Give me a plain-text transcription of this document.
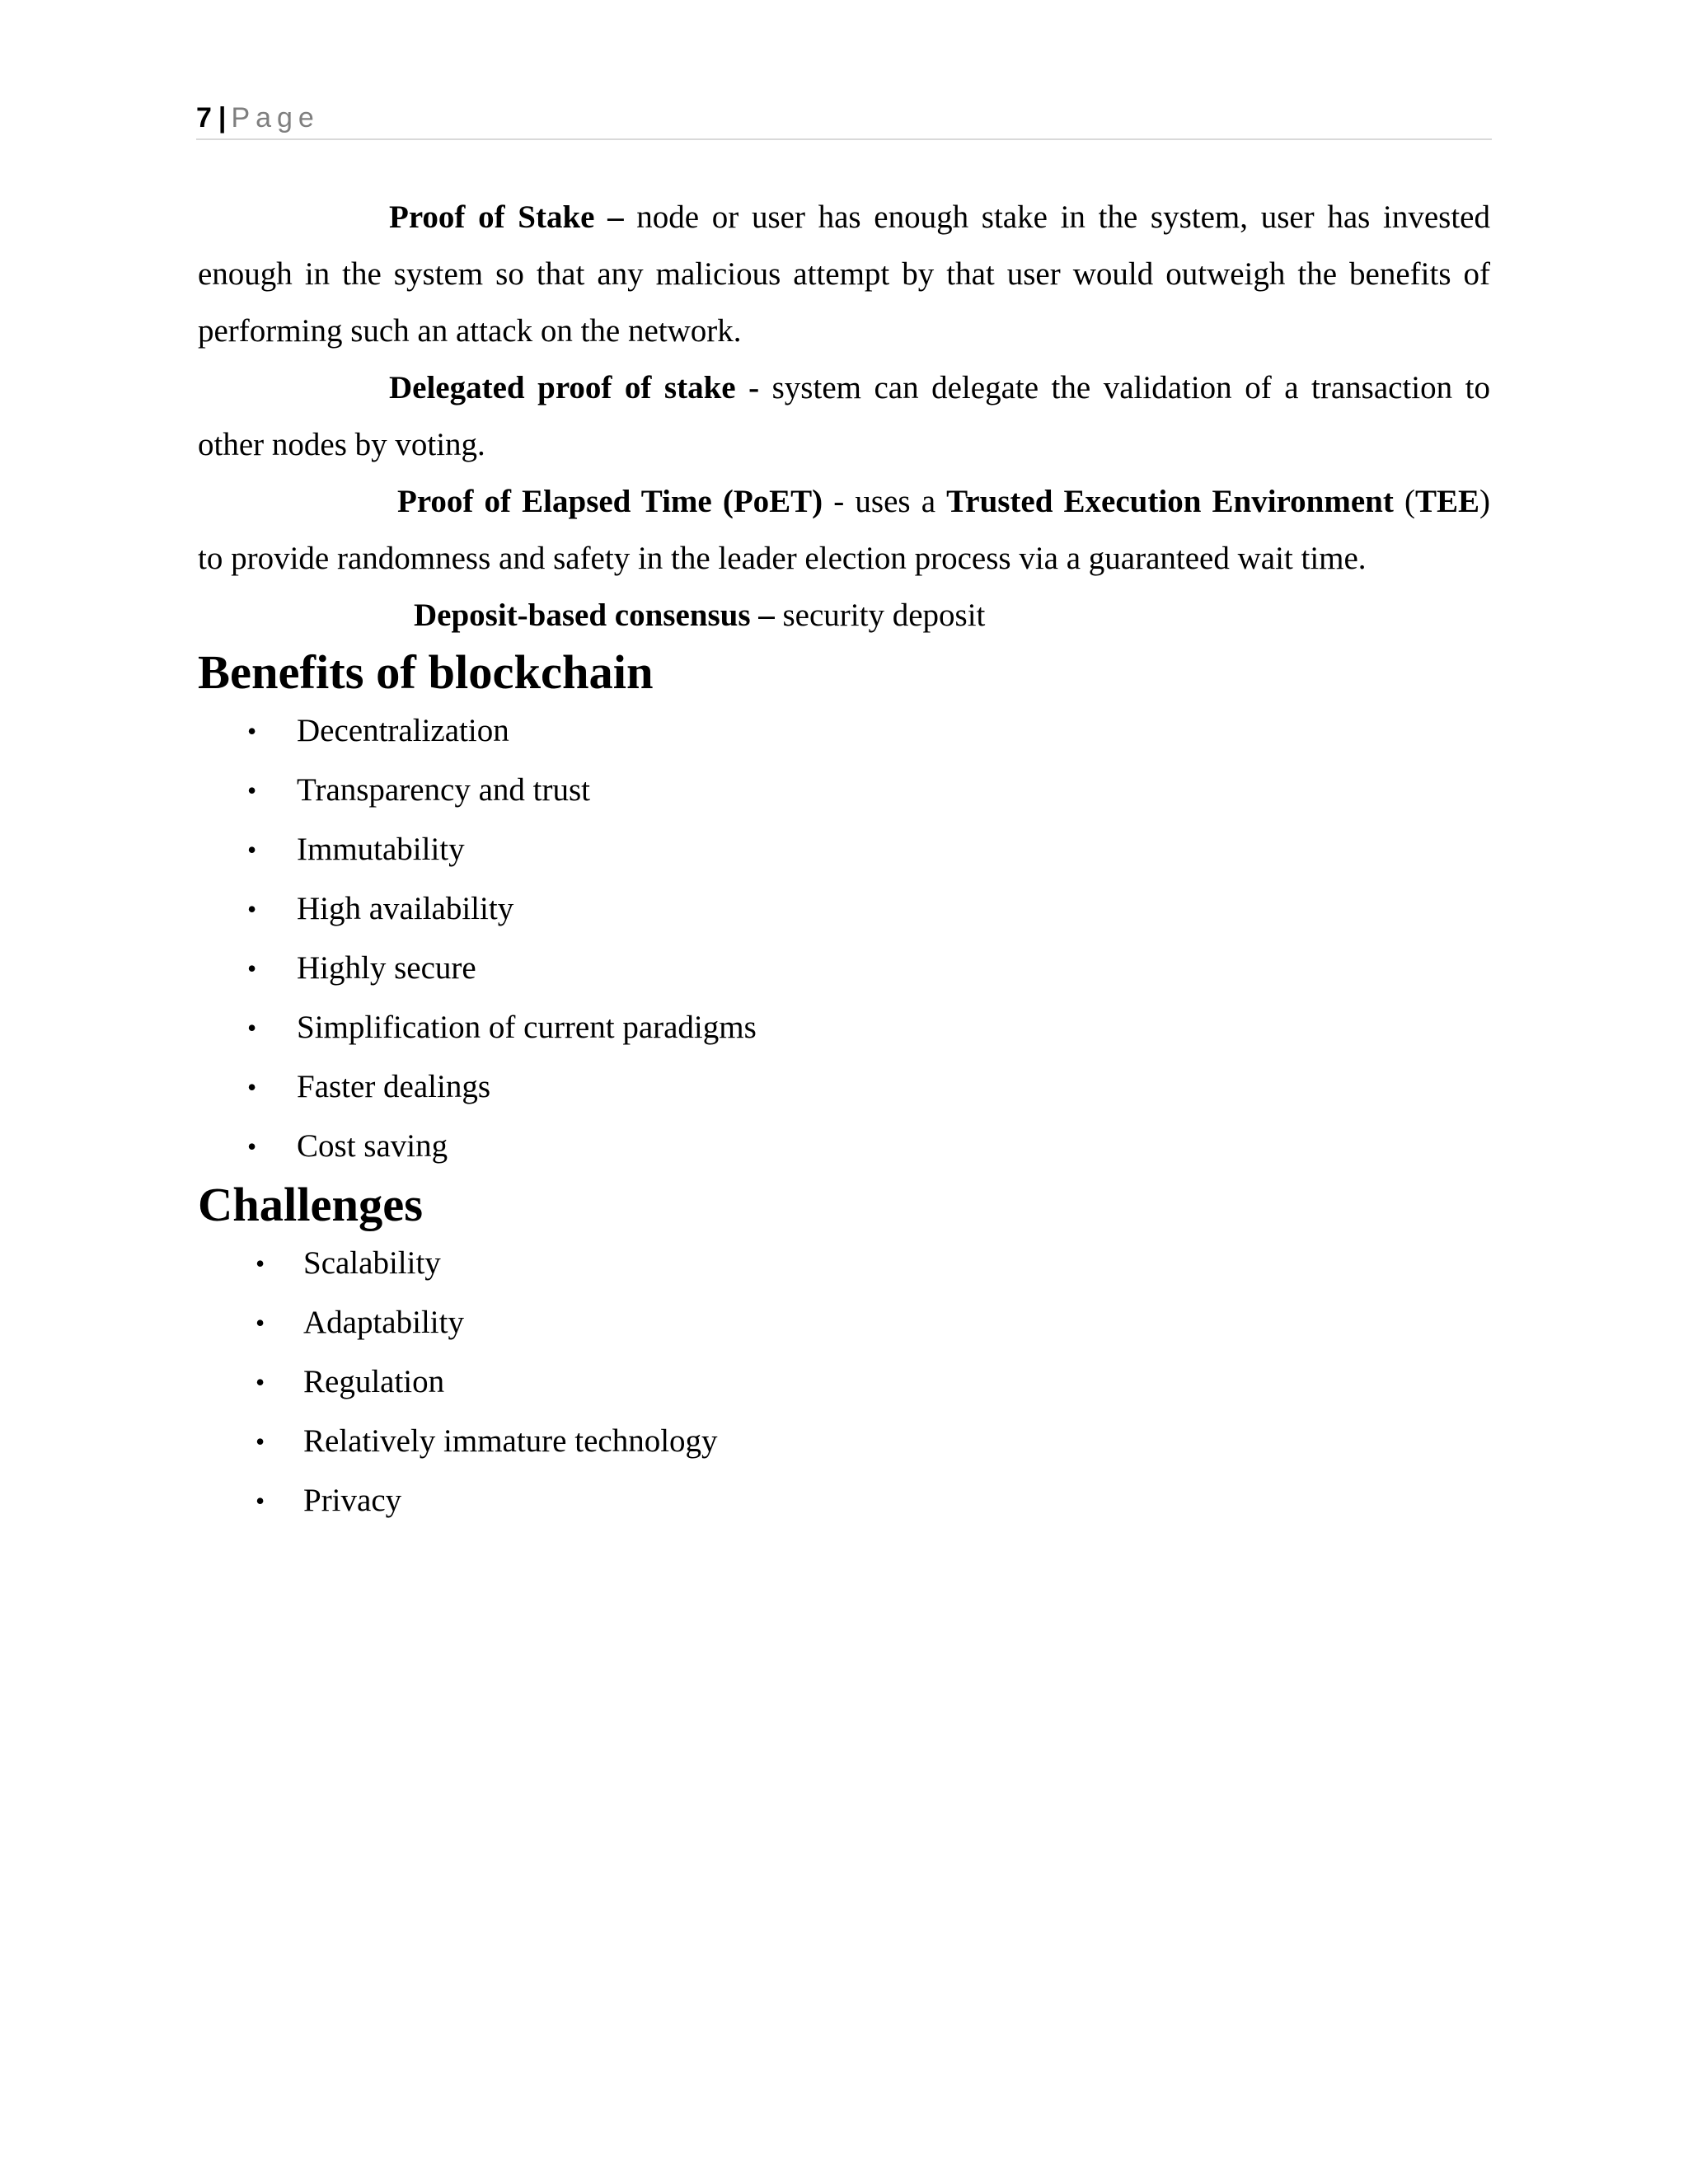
7 | Page

Proof of Stake – node or user has enough stake in the system, user has invested enough in the system so that any malicious attempt by that user would outweigh the benefits of performing such an attack on the network.

Delegated proof of stake - system can delegate the validation of a transaction to other nodes by voting.

Proof of Elapsed Time (PoET) - uses a Trusted Execution Environment (TEE) to provide randomness and safety in the leader election process via a guaranteed wait time.

Deposit-based consensus – security deposit

Benefits of blockchain
• Decentralization
• Transparency and trust
• Immutability
• High availability
• Highly secure
• Simplification of current paradigms
• Faster dealings
• Cost saving
Challenges
• Scalability
• Adaptability
• Regulation
• Relatively immature technology
• Privacy
